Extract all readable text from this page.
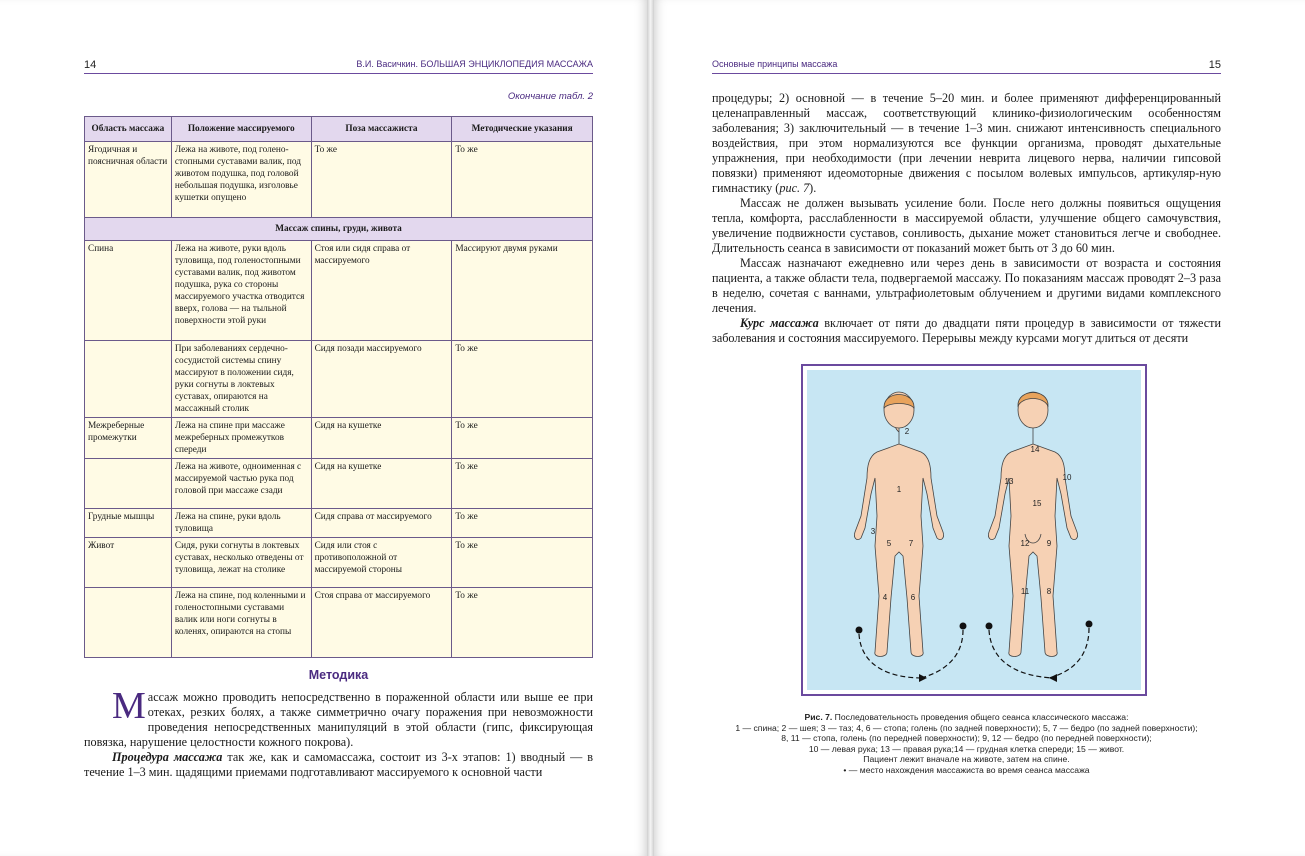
14	В.И. Васичкин. БОЛЬШАЯ ЭНЦИКЛОПЕДИЯ МАССАЖА
Окончание табл. 2
Область массажа	Положение массируемого	Поза массажиста	Методические указания
Ягодичная и поясничная области	Лежа на животе, под голено-стопными суставами валик, под животом подушка, под головой небольшая подушка, изголовье кушетки опущено	То же	То же
Массаж спины, груди, живота			
Спина	Лежа на животе, руки вдоль туловища, под голеностопными суставами валик, под животом подушка, рука со стороны массируемого участка отводится вверх, голова — на тыльной поверхности этой руки	Стоя или сидя справа от массируемого	Массируют двумя руками
	При заболеваниях сердечно-сосудистой системы спину массируют в положении сидя, руки согнуты в локтевых суставах, опираются на массажный столик	Сидя позади массируемого	То же
Межреберные промежутки	Лежа на спине при массаже межреберных промежутков спереди	Сидя на кушетке	То же
	Лежа на животе, одноименная с массируемой частью рука под головой при массаже сзади	Сидя на кушетке	То же
Грудные мышцы	Лежа на спине, руки вдоль туловища	Сидя справа от массируемого	То же
Живот	Сидя, руки согнуты в локтевых суставах, несколько отведены от туловища, лежат на столике	Сидя или стоя с противоположной от массируемой стороны	То же
	Лежа на спине, под коленными и голеностопными суставами валик или ноги согнуты в коленях, опираются на стопы	Стоя справа от массируемого	То же
Методика

Массаж можно проводить непосредственно в пораженной области или выше ее при отеках, резких болях, а также симметрично очагу поражения при невозможности проведения непосредственных манипуляций в этой области (гипс, фиксирующая повязка, нарушение целостности кожного покрова).

Процедура массажа так же, как и самомассажа, состоит из 3-х этапов: 1) вводный — в течение 1–3 мин. щадящими приемами подготавливают массируемого к основной части

Основные принципы массажа	15

процедуры; 2) основной — в течение 5–20 мин. и более применяют дифференцированный целенаправленный массаж, соответствующий клинико-физиологическим особенностям заболевания; 3) заключительный — в течение 1–3 мин. снижают интенсивность специального воздействия, при этом нормализуются все функции организма, проводят дыхательные упражнения, при необходимости (при лечении неврита лицевого нерва, наличии гипсовой повязки) применяют идеомоторные движения с посылом волевых импульсов, артикуляр-ную гимнастику (рис. 7).

Массаж не должен вызывать усиление боли. После него должны появиться ощущения тепла, комфорта, расслабленности в массируемой области, улучшение общего самочувствия, увеличение подвижности суставов, сонливость, дыхание может становиться легче и свободнее. Длительность сеанса в зависимости от показаний может быть от 3 до 60 мин.

Массаж назначают ежедневно или через день в зависимости от возраста и состояния пациента, а также области тела, подвергаемой массажу. По показаниям массаж проводят 2–3 раза в неделю, сочетая с ваннами, ультрафиолетовым облучением и другими видами комплексного лечения.

Курс массажа включает от пяти до двадцати пяти процедур в зависимости от тяжести заболевания и состояния массируемого. Перерывы между курсами могут длиться от десяти

2
1
3
5 7
4	6
14
13	10
15
12 9
11 8
Рис. 7. Последовательность проведения общего сеанса классического массажа:
1 — спина; 2 — шея; 3 — таз; 4, 6 — стопа; голень (по задней поверхности); 5, 7 — бедро (по задней поверхности);
8, 11 — стопа, голень (по передней поверхности); 9, 12 — бедро (по передней поверхности);
10 — левая рука; 13 — правая рука;14 — грудная клетка спереди; 15 — живот.
Пациент лежит вначале на животе, затем на спине.
• — место нахождения массажиста во время сеанса массажа
